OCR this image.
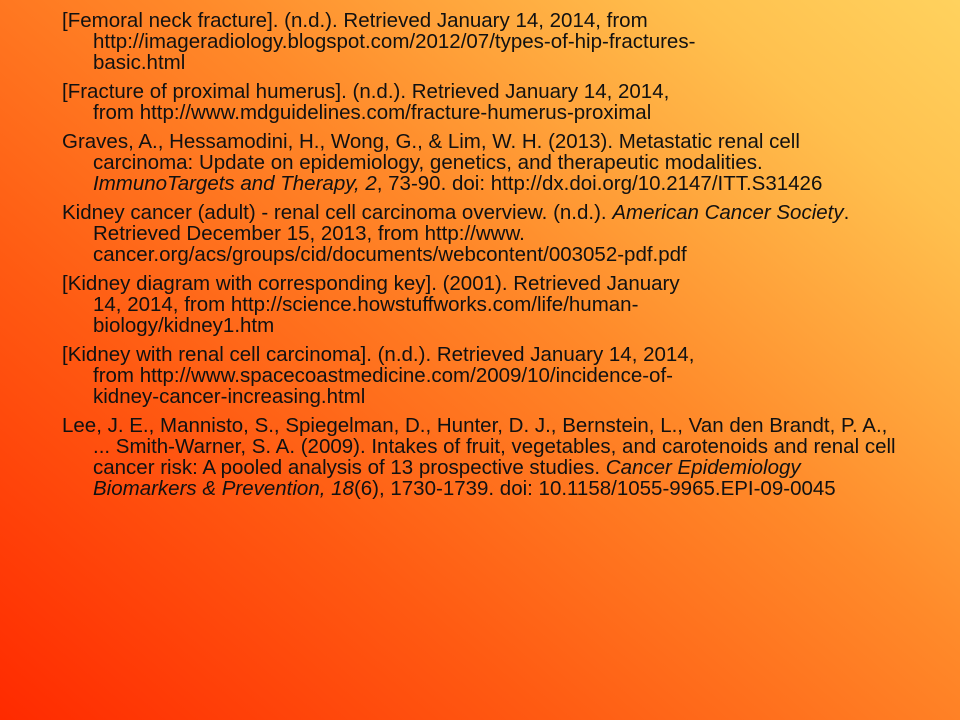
[Femoral neck fracture]. (n.d.). Retrieved January 14, 2014, from
http://imageradiology.blogspot.com/2012/07/types-of-hip-fractures-
basic.html
[Fracture of proximal humerus]. (n.d.). Retrieved January 14, 2014,
from http://www.mdguidelines.com/fracture-humerus-proximal
Graves, A., Hessamodini, H., Wong, G., & Lim, W. H. (2013). Metastatic renal cell carcinoma: Update on epidemiology, genetics, and therapeutic modalities. ImmunoTargets and Therapy, 2, 73-90. doi: http://dx.doi.org/10.2147/ITT.S31426
Kidney cancer (adult) - renal cell carcinoma overview. (n.d.). American Cancer Society. Retrieved December 15, 2013, from http://www. cancer.org/acs/groups/cid/documents/webcontent/003052-pdf.pdf
[Kidney diagram with corresponding key]. (2001). Retrieved January
14, 2014, from http://science.howstuffworks.com/life/human-
biology/kidney1.htm
[Kidney with renal cell carcinoma]. (n.d.). Retrieved January 14, 2014,
from http://www.spacecoastmedicine.com/2009/10/incidence-of-
kidney-cancer-increasing.html
Lee, J. E., Mannisto, S., Spiegelman, D., Hunter, D. J., Bernstein, L., Van den Brandt, P. A., ... Smith-Warner, S. A. (2009). Intakes of fruit, vegetables, and carotenoids and renal cell cancer risk: A pooled analysis of 13 prospective studies. Cancer Epidemiology Biomarkers & Prevention, 18(6), 1730-1739. doi: 10.1158/1055-9965.EPI-09-0045
